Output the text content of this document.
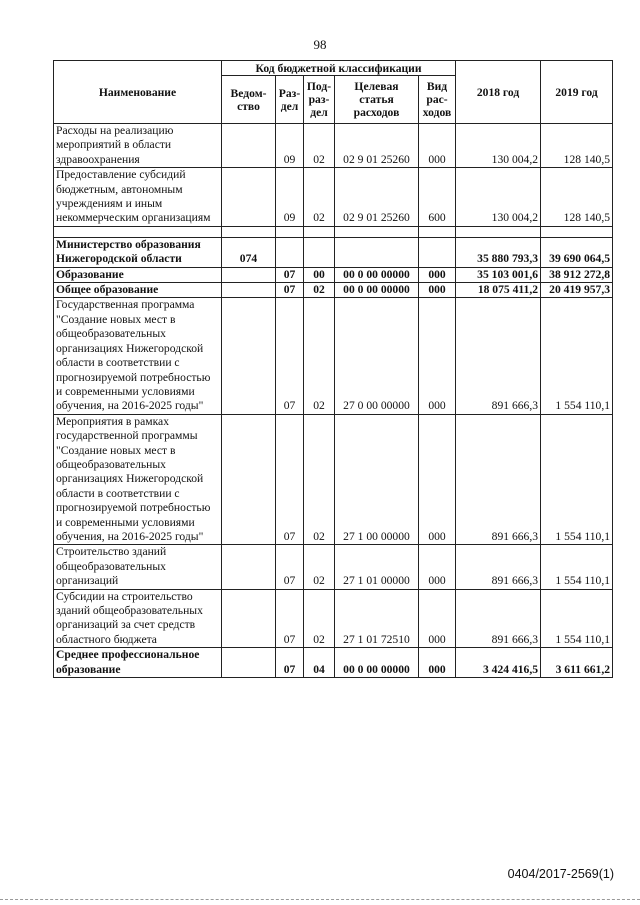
98
Наименование	Код бюджетной классификации					2018 год	2019 год
	Ведом-ство	Раз-дел	Под-раз-дел	Целевая статья расходов	Вид рас-ходов		
Расходы на реализацию мероприятий в области здравоохранения		09	02	02 9 01 25260	000	130 004,2	128 140,5
Предоставление субсидий бюджетным, автономным учреждениям и иным некоммерческим организациям		09	02	02 9 01 25260	600	130 004,2	128 140,5

Министерство образования Нижегородской области	074					35 880 793,3	39 690 064,5
Образование		07	00	00 0 00 00000	000	35 103 001,6	38 912 272,8
Общее образование		07	02	00 0 00 00000	000	18 075 411,2	20 419 957,3
Государственная программа "Создание новых мест в общеобразовательных организациях Нижегородской области в соответствии с прогнозируемой потребностью и современными условиями обучения, на 2016-2025 годы"		07	02	27 0 00 00000	000	891 666,3	1 554 110,1
Мероприятия в рамках государственной программы "Создание новых мест в общеобразовательных организациях Нижегородской области в соответствии с прогнозируемой потребностью и современными условиями обучения, на 2016-2025 годы"		07	02	27 1 00 00000	000	891 666,3	1 554 110,1
Строительство зданий общеобразовательных организаций		07	02	27 1 01 00000	000	891 666,3	1 554 110,1
Субсидии на строительство зданий общеобразовательных организаций за счет средств областного бюджета		07	02	27 1 01 72510	000	891 666,3	1 554 110,1
Среднее профессиональное образование		07	04	00 0 00 00000	000	3 424 416,5	3 611 661,2
0404/2017-2569(1)
